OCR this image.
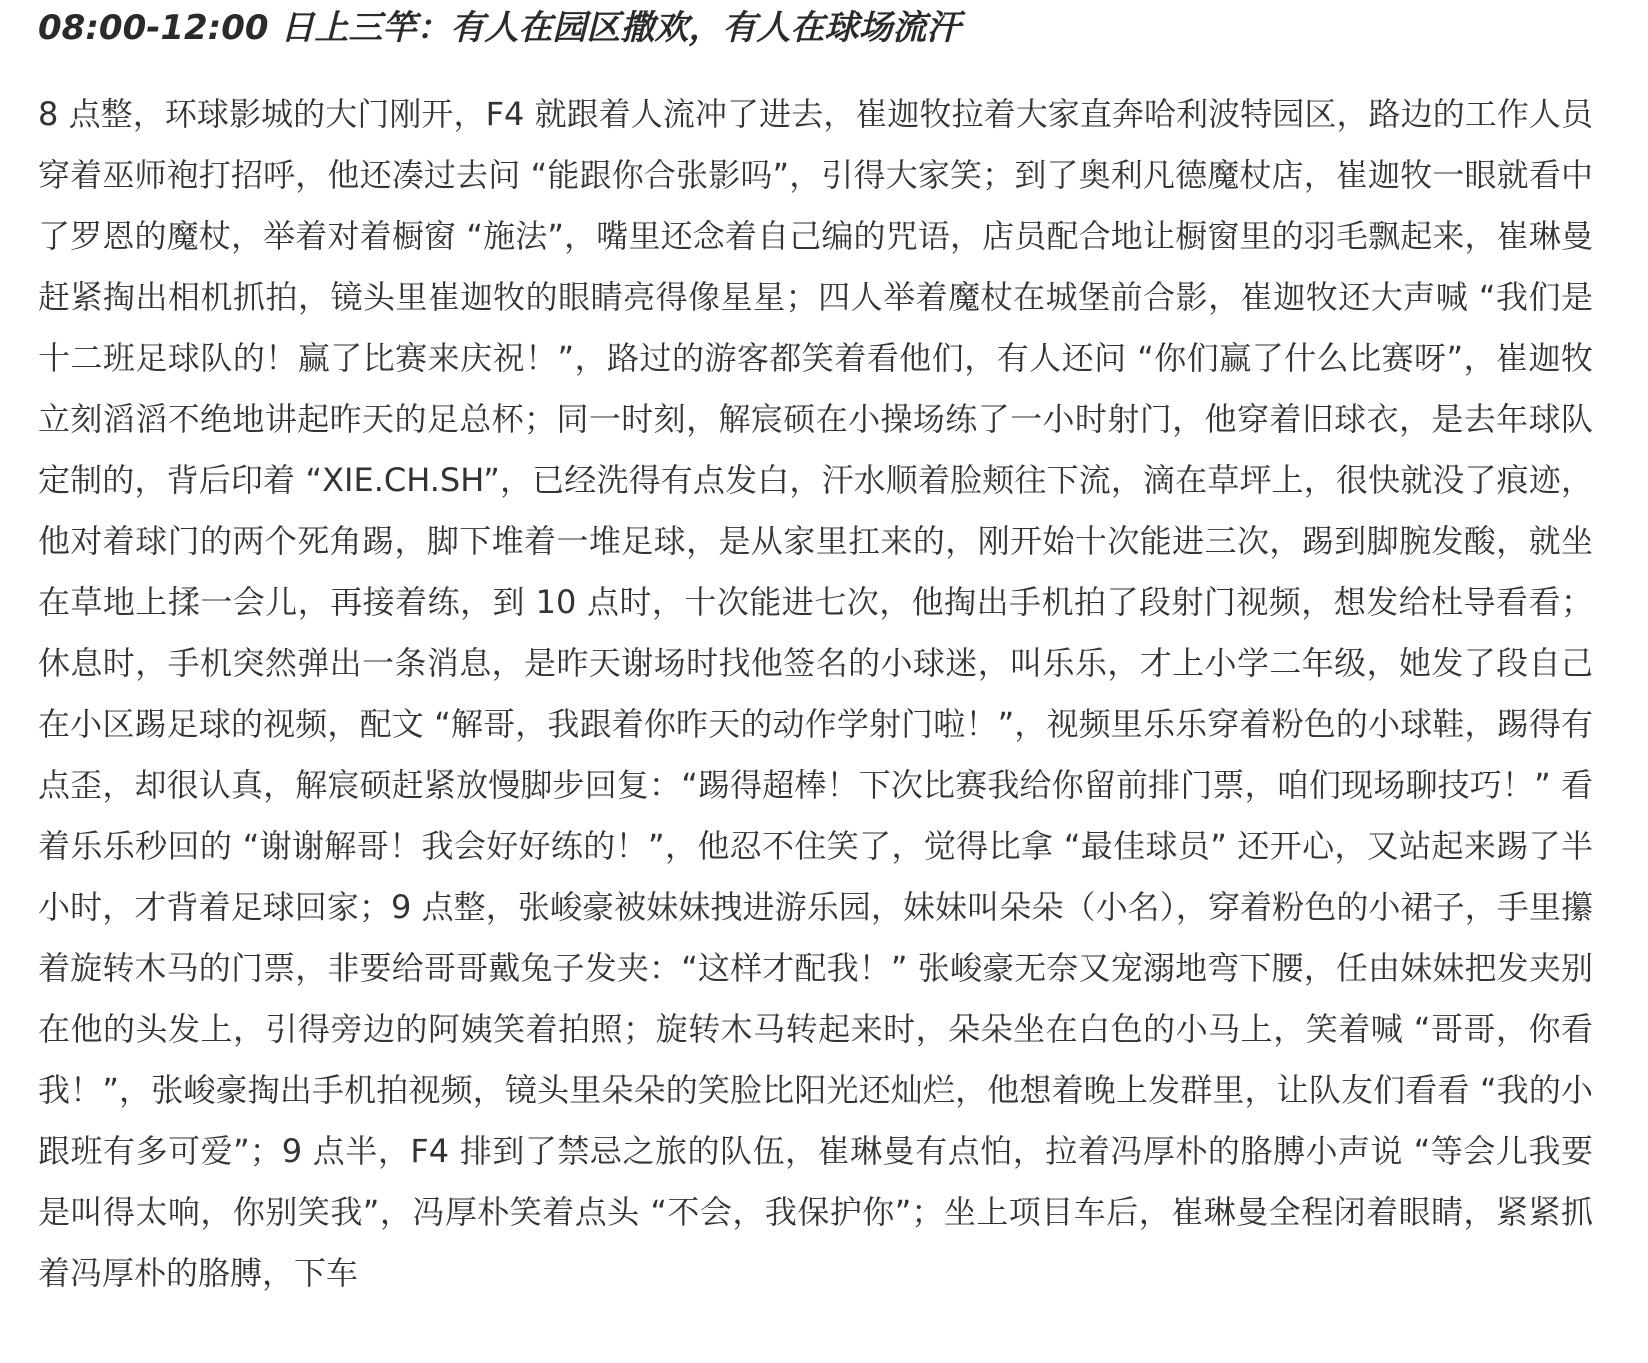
08:00-12:00 日上三竿：有人在园区撒欢，有人在球场流汗

8 点整，环球影城的大门刚开，F4 就跟着人流冲了进去，崔迦牧拉着大家直奔哈利波特园区，路边的工作人员穿着巫师袍打招呼，他还凑过去问 “能跟你合张影吗”，引得大家笑；到了奥利凡德魔杖店，崔迦牧一眼就看中了罗恩的魔杖，举着对着橱窗 “施法”，嘴里还念着自己编的咒语，店员配合地让橱窗里的羽毛飘起来，崔琳曼赶紧掏出相机抓拍，镜头里崔迦牧的眼睛亮得像星星；四人举着魔杖在城堡前合影，崔迦牧还大声喊 “我们是十二班足球队的！赢了比赛来庆祝！”，路过的游客都笑着看他们，有人还问 “你们赢了什么比赛呀”，崔迦牧立刻滔滔不绝地讲起昨天的足总杯；同一时刻，解宸硕在小操场练了一小时射门，他穿着旧球衣，是去年球队定制的，背后印着 “XIE.CH.SH”，已经洗得有点发白，汗水顺着脸颊往下流，滴在草坪上，很快就没了痕迹，他对着球门的两个死角踢，脚下堆着一堆足球，是从家里扛来的，刚开始十次能进三次，踢到脚腕发酸，就坐在草地上揉一会儿，再接着练，到 10 点时，十次能进七次，他掏出手机拍了段射门视频，想发给杜导看看；休息时，手机突然弹出一条消息，是昨天谢场时找他签名的小球迷，叫乐乐，才上小学二年级，她发了段自己在小区踢足球的视频，配文 “解哥，我跟着你昨天的动作学射门啦！”，视频里乐乐穿着粉色的小球鞋，踢得有点歪，却很认真，解宸硕赶紧放慢脚步回复：“踢得超棒！下次比赛我给你留前排门票，咱们现场聊技巧！” 看着乐乐秒回的 “谢谢解哥！我会好好练的！”，他忍不住笑了，觉得比拿 “最佳球员” 还开心，又站起来踢了半小时，才背着足球回家；9 点整，张峻豪被妹妹拽进游乐园，妹妹叫朵朵（小名），穿着粉色的小裙子，手里攥着旋转木马的门票，非要给哥哥戴兔子发夹：“这样才配我！” 张峻豪无奈又宠溺地弯下腰，任由妹妹把发夹别在他的头发上，引得旁边的阿姨笑着拍照；旋转木马转起来时，朵朵坐在白色的小马上，笑着喊 “哥哥，你看我！”，张峻豪掏出手机拍视频，镜头里朵朵的笑脸比阳光还灿烂，他想着晚上发群里，让队友们看看 “我的小跟班有多可爱”；9 点半，F4 排到了禁忌之旅的队伍，崔琳曼有点怕，拉着冯厚朴的胳膊小声说 “等会儿我要是叫得太响，你别笑我”，冯厚朴笑着点头 “不会，我保护你”；坐上项目车后，崔琳曼全程闭着眼睛，紧紧抓着冯厚朴的胳膊，下车
